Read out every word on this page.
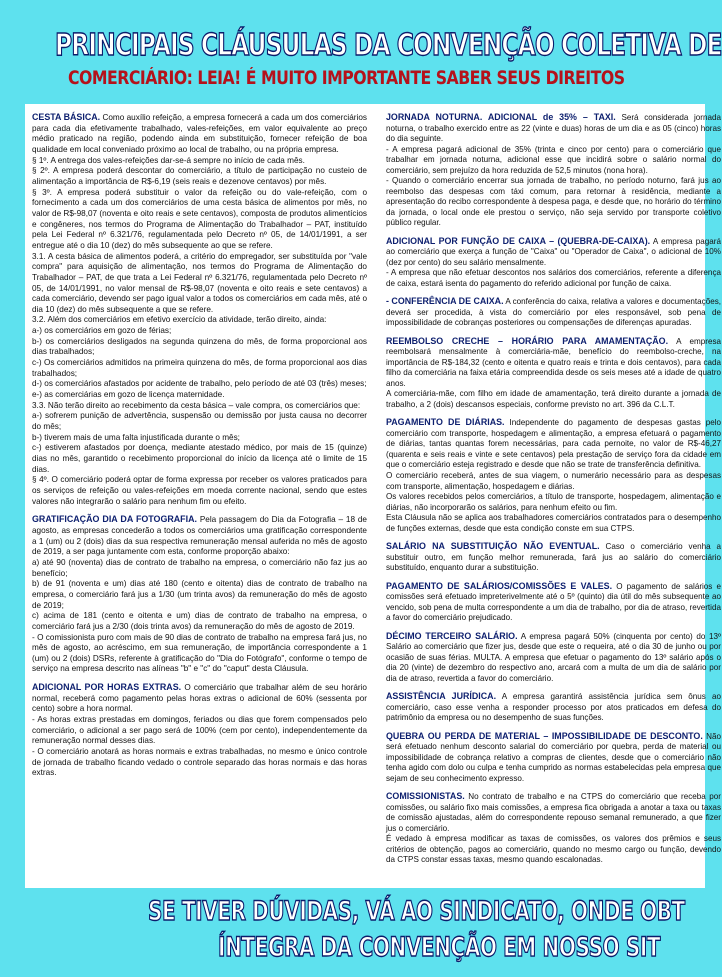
PRINCIPAIS CLÁUSULAS DA CONVENÇÃO COLETIVA DE
COMERCIÁRIO: LEIA! É MUITO IMPORTANTE SABER SEUS DIREITOS

CESTA BÁSICA. Como auxílio refeição, a empresa fornecerá a cada um dos comerciários para cada dia efetivamente trabalhado, vales-refeições, em valor equivalente ao preço médio praticado na região, podendo ainda em substituição, fornecer refeição de boa qualidade em local conveniado próximo ao local de trabalho, ou na própria empresa.

§ 1º. A entrega dos vales-refeições dar-se-á sempre no início de cada mês.

§ 2º. A empresa poderá descontar do comerciário, a título de participação no custeio de alimentação a importância de R$-6,19 (seis reais e dezenove centavos) por mês.

§ 3º. A empresa poderá substituir o valor da refeição ou do vale-refeição, com o fornecimento a cada um dos comerciários de uma cesta básica de alimentos por mês, no valor de R$-98,07 (noventa e oito reais e sete centavos), composta de produtos alimentícios e congêneres, nos termos do Programa de Alimentação do Trabalhador – PAT, instituído pela Lei Federal nº 6.321/76, regulamentada pelo Decreto nº 05, de 14/01/1991, a ser entregue até o dia 10 (dez) do mês subsequente ao que se refere.

3.1. A cesta básica de alimentos poderá, a critério do empregador, ser substituída por "vale compra" para aquisição de alimentação, nos termos do Programa de Alimentação do Trabalhador – PAT, de que trata a Lei Federal nº 6.321/76, regulamentada pelo Decreto nº 05, de 14/01/1991, no valor mensal de R$-98,07 (noventa e oito reais e sete centavos) a cada comerciário, devendo ser pago igual valor a todos os comerciários em cada mês, até o dia 10 (dez) do mês subsequente a que se refere.

3.2. Além dos comerciários em efetivo exercício da atividade, terão direito, ainda:

a-) os comerciários em gozo de férias;

b-) os comerciários desligados na segunda quinzena do mês, de forma proporcional aos dias trabalhados;

c-) Os comerciários admitidos na primeira quinzena do mês, de forma proporcional aos dias trabalhados;

d-) os comerciários afastados por acidente de trabalho, pelo período de até 03 (três) meses;

e-) as comerciárias em gozo de licença maternidade.

3.3. Não terão direito ao recebimento da cesta básica – vale compra, os comerciários que:

a-) sofrerem punição de advertência, suspensão ou demissão por justa causa no decorrer do mês;

b-) tiverem mais de uma falta injustificada durante o mês;

c-) estiverem afastados por doença, mediante atestado médico, por mais de 15 (quinze) dias no mês, garantido o recebimento proporcional do início da licença até o limite de 15 dias.

§ 4º. O comerciário poderá optar de forma expressa por receber os valores praticados para os serviços de refeição ou vales-refeições em moeda corrente nacional, sendo que estes valores não integrarão o salário para nenhum fim ou efeito.

GRATIFICAÇÃO DIA DA FOTOGRAFIA. Pela passagem do Dia da Fotografia – 18 de agosto, as empresas concederão a todos os comerciários uma gratificação correspondente a 1 (um) ou 2 (dois) dias da sua respectiva remuneração mensal auferida no mês de agosto de 2019, a ser paga juntamente com esta, conforme proporção abaixo:

a) até 90 (noventa) dias de contrato de trabalho na empresa, o comerciário não faz jus ao benefício;

b) de 91 (noventa e um) dias até 180 (cento e oitenta) dias de contrato de trabalho na empresa, o comerciário fará jus a 1/30 (um trinta avos) da remuneração do mês de agosto de 2019;

c) acima de 181 (cento e oitenta e um) dias de contrato de trabalho na empresa, o comerciário fará jus a 2/30 (dois trinta avos) da remuneração do mês de agosto de 2019.

- O comissionista puro com mais de 90 dias de contrato de trabalho na empresa fará jus, no mês de agosto, ao acréscimo, em sua remuneração, de importância correspondente a 1 (um) ou 2 (dois) DSRs, referente à gratificação do "Dia do Fotógrafo", conforme o tempo de serviço na empresa descrito nas alíneas "b" e "c" do "caput" desta Cláusula.

ADICIONAL POR HORAS EXTRAS. O comerciário que trabalhar além de seu horário normal, receberá como pagamento pelas horas extras o adicional de 60% (sessenta por cento) sobre a hora normal.

- As horas extras prestadas em domingos, feriados ou dias que forem compensados pelo comerciário, o adicional a ser pago será de 100% (cem por cento), independentemente da remuneração normal desses dias.

- O comerciário anotará as horas normais e extras trabalhadas, no mesmo e único controle de jornada de trabalho ficando vedado o controle separado das horas normais e das horas extras.

JORNADA NOTURNA. ADICIONAL de 35% – TAXI. Será considerada jornada noturna, o trabalho exercido entre as 22 (vinte e duas) horas de um dia e as 05 (cinco) horas do dia seguinte.

- A empresa pagará adicional de 35% (trinta e cinco por cento) para o comerciário que trabalhar em jornada noturna, adicional esse que incidirá sobre o salário normal do comerciário, sem prejuízo da hora reduzida de 52,5 minutos (nona hora).

- Quando o comerciário encerrar sua jornada de trabalho, no período noturno, fará jus ao reembolso das despesas com táxi comum, para retornar à residência, mediante a apresentação do recibo correspondente à despesa paga, e desde que, no horário do término da jornada, o local onde ele prestou o serviço, não seja servido por transporte coletivo público regular.

ADICIONAL POR FUNÇÃO DE CAIXA – (QUEBRA-DE-CAIXA). A empresa pagará ao comerciário que exerça a função de "Caixa" ou "Operador de Caixa", o adicional de 10% (dez por cento) do seu salário mensalmente.

- A empresa que não efetuar descontos nos salários dos comerciários, referente a diferença de caixa, estará isenta do pagamento do referido adicional por função de caixa.

- CONFERÊNCIA DE CAIXA. A conferência do caixa, relativa a valores e documentações, deverá ser procedida, à vista do comerciário por eles responsável, sob pena de impossibilidade de cobranças posteriores ou compensações de diferenças apuradas.

REEMBOLSO CRECHE – HORÁRIO PARA AMAMENTAÇÃO. A empresa reembolsará mensalmente à comerciária-mãe, benefício do reembolso-creche, na importância de R$-184,32 (cento e oitenta e quatro reais e trinta e dois centavos), para cada filho da comerciária na faixa etária compreendida desde os seis meses até a idade de quatro anos.

A comerciária-mãe, com filho em idade de amamentação, terá direito durante a jornada de trabalho, a 2 (dois) descansos especiais, conforme previsto no art. 396 da C.L.T.

PAGAMENTO DE DIÁRIAS. Independente do pagamento de despesas gastas pelo comerciário com transporte, hospedagem e alimentação, a empresa efetuará o pagamento de diárias, tantas quantas forem necessárias, para cada pernoite, no valor de R$-46,27 (quarenta e seis reais e vinte e sete centavos) pela prestação de serviço fora da cidade em que o comerciário esteja registrado e desde que não se trate de transferência definitiva.

O comerciário receberá, antes de sua viagem, o numerário necessário para as despesas com transporte, alimentação, hospedagem e diárias.

Os valores recebidos pelos comerciários, a título de transporte, hospedagem, alimentação e diárias, não incorporarão os salários, para nenhum efeito ou fim.

Esta Cláusula não se aplica aos trabalhadores comerciários contratados para o desempenho de funções externas, desde que esta condição conste em sua CTPS.

SALÁRIO NA SUBSTITUIÇÃO NÃO EVENTUAL. Caso o comerciário venha a substituir outro, em função melhor remunerada, fará jus ao salário do comerciário substituído, enquanto durar a substituição.

PAGAMENTO DE SALÁRIOS/COMISSÕES E VALES. O pagamento de salários e comissões será efetuado impreterivelmente até o 5º (quinto) dia útil do mês subsequente ao vencido, sob pena de multa correspondente a um dia de trabalho, por dia de atraso, revertida a favor do comerciário prejudicado.

DÉCIMO TERCEIRO SALÁRIO. A empresa pagará 50% (cinquenta por cento) do 13º Salário ao comerciário que fizer jus, desde que este o requeira, até o dia 30 de junho ou por ocasião de suas férias. MULTA. A empresa que efetuar o pagamento do 13º salário após o dia 20 (vinte) de dezembro do respectivo ano, arcará com a multa de um dia de salário por dia de atraso, revertida a favor do comerciário.

ASSISTÊNCIA JURÍDICA. A empresa garantirá assistência jurídica sem ônus ao comerciário, caso esse venha a responder processo por atos praticados em defesa do patrimônio da empresa ou no desempenho de suas funções.

QUEBRA OU PERDA DE MATERIAL – IMPOSSIBILIDADE DE DESCONTO. Não será efetuado nenhum desconto salarial do comerciário por quebra, perda de material ou impossibilidade de cobrança relativo a compras de clientes, desde que o comerciário não tenha agido com dolo ou culpa e tenha cumprido as normas estabelecidas pela empresa que sejam de seu conhecimento expresso.

COMISSIONISTAS. No contrato de trabalho e na CTPS do comerciário que receba por comissões, ou salário fixo mais comissões, a empresa fica obrigada a anotar a taxa ou taxas de comissão ajustadas, além do correspondente repouso semanal remunerado, a que fizer jus o comerciário.

É vedado à empresa modificar as taxas de comissões, os valores dos prêmios e seus critérios de obtenção, pagos ao comerciário, quando no mesmo cargo ou função, devendo da CTPS constar essas taxas, mesmo quando escalonadas.

SE TIVER DÚVIDAS, VÁ AO SINDICATO, ONDE OBT
ÍNTEGRA DA CONVENÇÃO EM NOSSO SIT
